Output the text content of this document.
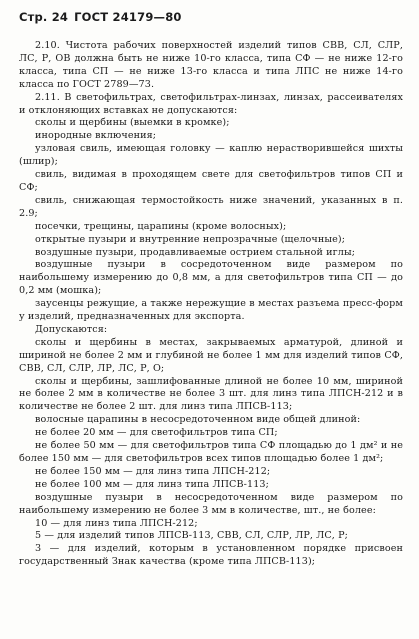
Стр. 24 ГОСТ 24179—80

2.10. Чистота рабочих поверхностей изделий типов СВВ, СЛ, СЛР, ЛС, Р, ОВ должна быть не ниже 10-го класса, типа СФ — не ниже 12-го класса, типа СП — не ниже 13-го класса и типа ЛПС не ниже 14-го класса по ГОСТ 2789—73.

2.11. В светофильтрах, светофильтрах-линзах, линзах, рассеивателях и отклоняющих вставках не допускаются:

сколы и щербины (выемки в кромке);

инородные включения;

узловая свиль, имеющая головку — каплю нерастворившейся шихты (шлир);

свиль, видимая в проходящем свете для светофильтров типов СП и СФ;

свиль, снижающая термостойкость ниже значений, указанных в п. 2.9;

посечки, трещины, царапины (кроме волосных);

открытые пузыри и внутренние непрозрачные (щелочные);

воздушные пузыри, продавливаемые острием стальной иглы;

воздушные пузыри в сосредоточенном виде размером по наибольшему измерению до 0,8 мм, а для светофильтров типа СП — до 0,2 мм (мошка);

заусенцы режущие, а также нережущие в местах разъема пресс-форм у изделий, предназначенных для экспорта.

Допускаются:

сколы и щербины в местах, закрываемых арматурой, длиной и шириной не более 2 мм и глубиной не более 1 мм для изделий типов СФ, СВВ, СЛ, СЛР, ЛР, ЛС, Р, О;

сколы и щербины, зашлифованные длиной не более 10 мм, шириной не более 2 мм в количестве не более 3 шт. для линз типа ЛПСН-212 и в количестве не более 2 шт. для линз типа ЛПСВ-113;

волосные царапины в несосредоточенном виде общей длиной:

не более 20 мм — для светофильтров типа СП;

не более 50 мм — для светофильтров типа СФ площадью до 1 дм² и не более 150 мм — для светофильтров всех типов площадью более 1 дм²;

не более 150 мм — для линз типа ЛПСН-212;

не более 100 мм — для линз типа ЛПСВ-113;

воздушные пузыри в несосредоточенном виде размером по наибольшему измерению не более 3 мм в количестве, шт., не более:

10 — для линз типа ЛПСН-212;

5 — для изделий типов ЛПСВ-113, СВВ, СЛ, СЛР, ЛР, ЛС, Р;

3 — для изделий, которым в установленном порядке присвоен государственный Знак качества (кроме типа ЛПСВ-113);
